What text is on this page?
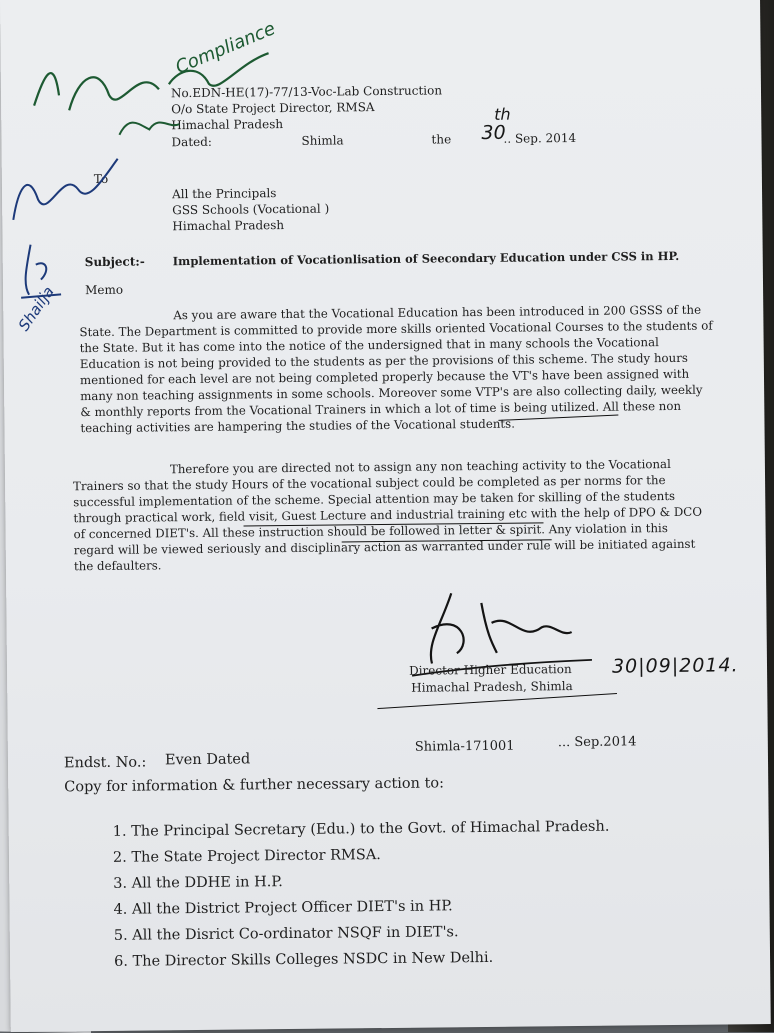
No.EDN-HE(17)-77/13-Voc-Lab Construction
O/o State Project Director, RMSA
Himachal Pradesh
Dated:	Shimla	the 30
.. Sep. 2014
th
To
All the Principals
GSS Schools (Vocational )
Himachal Pradesh
Subject:- Implementation of Vocationlisation of Seecondary Education under CSS in HP.
Memo
As you are aware that the Vocational Education has been introduced in 200 GSSS of the
State. The Department is committed to provide more skills oriented Vocational Courses to the students of
the State. But it has come into the notice of the undersigned that in many schools the Vocational
Education is not being provided to the students as per the provisions of this scheme. The study hours
mentioned for each level are not being completed properly because the VT's have been assigned with
many non teaching assignments in some schools. Moreover some VTP's are also collecting daily, weekly
& monthly reports from the Vocational Trainers in which a lot of time is being utilized. All these non
teaching activities are hampering the studies of the Vocational students.
Therefore you are directed not to assign any non teaching activity to the Vocational
Trainers so that the study Hours of the vocational subject could be completed as per norms for the
successful implementation of the scheme. Special attention may be taken for skilling of the students
through practical work, field visit, Guest Lecture and industrial training etc with the help of DPO & DCO
of concerned DIET's. All these instruction should be followed in letter & spirit. Any violation in this
regard will be viewed seriously and disciplinary action as warranted under rule will be initiated against
the defaulters.
Director Higher Education
Himachal Pradesh, Shimla
30|09|2014.
Compliance
Shailja
Endst. No.: Even Dated
Shimla-171001	... Sep.2014
Copy for information & further necessary action to:
1. The Principal Secretary (Edu.) to the Govt. of Himachal Pradesh.
2. The State Project Director RMSA.
3. All the DDHE in H.P.
4. All the District Project Officer DIET's in HP.
5. All the Disrict Co-ordinator NSQF in DIET's.
6. The Director Skills Colleges NSDC in New Delhi.
